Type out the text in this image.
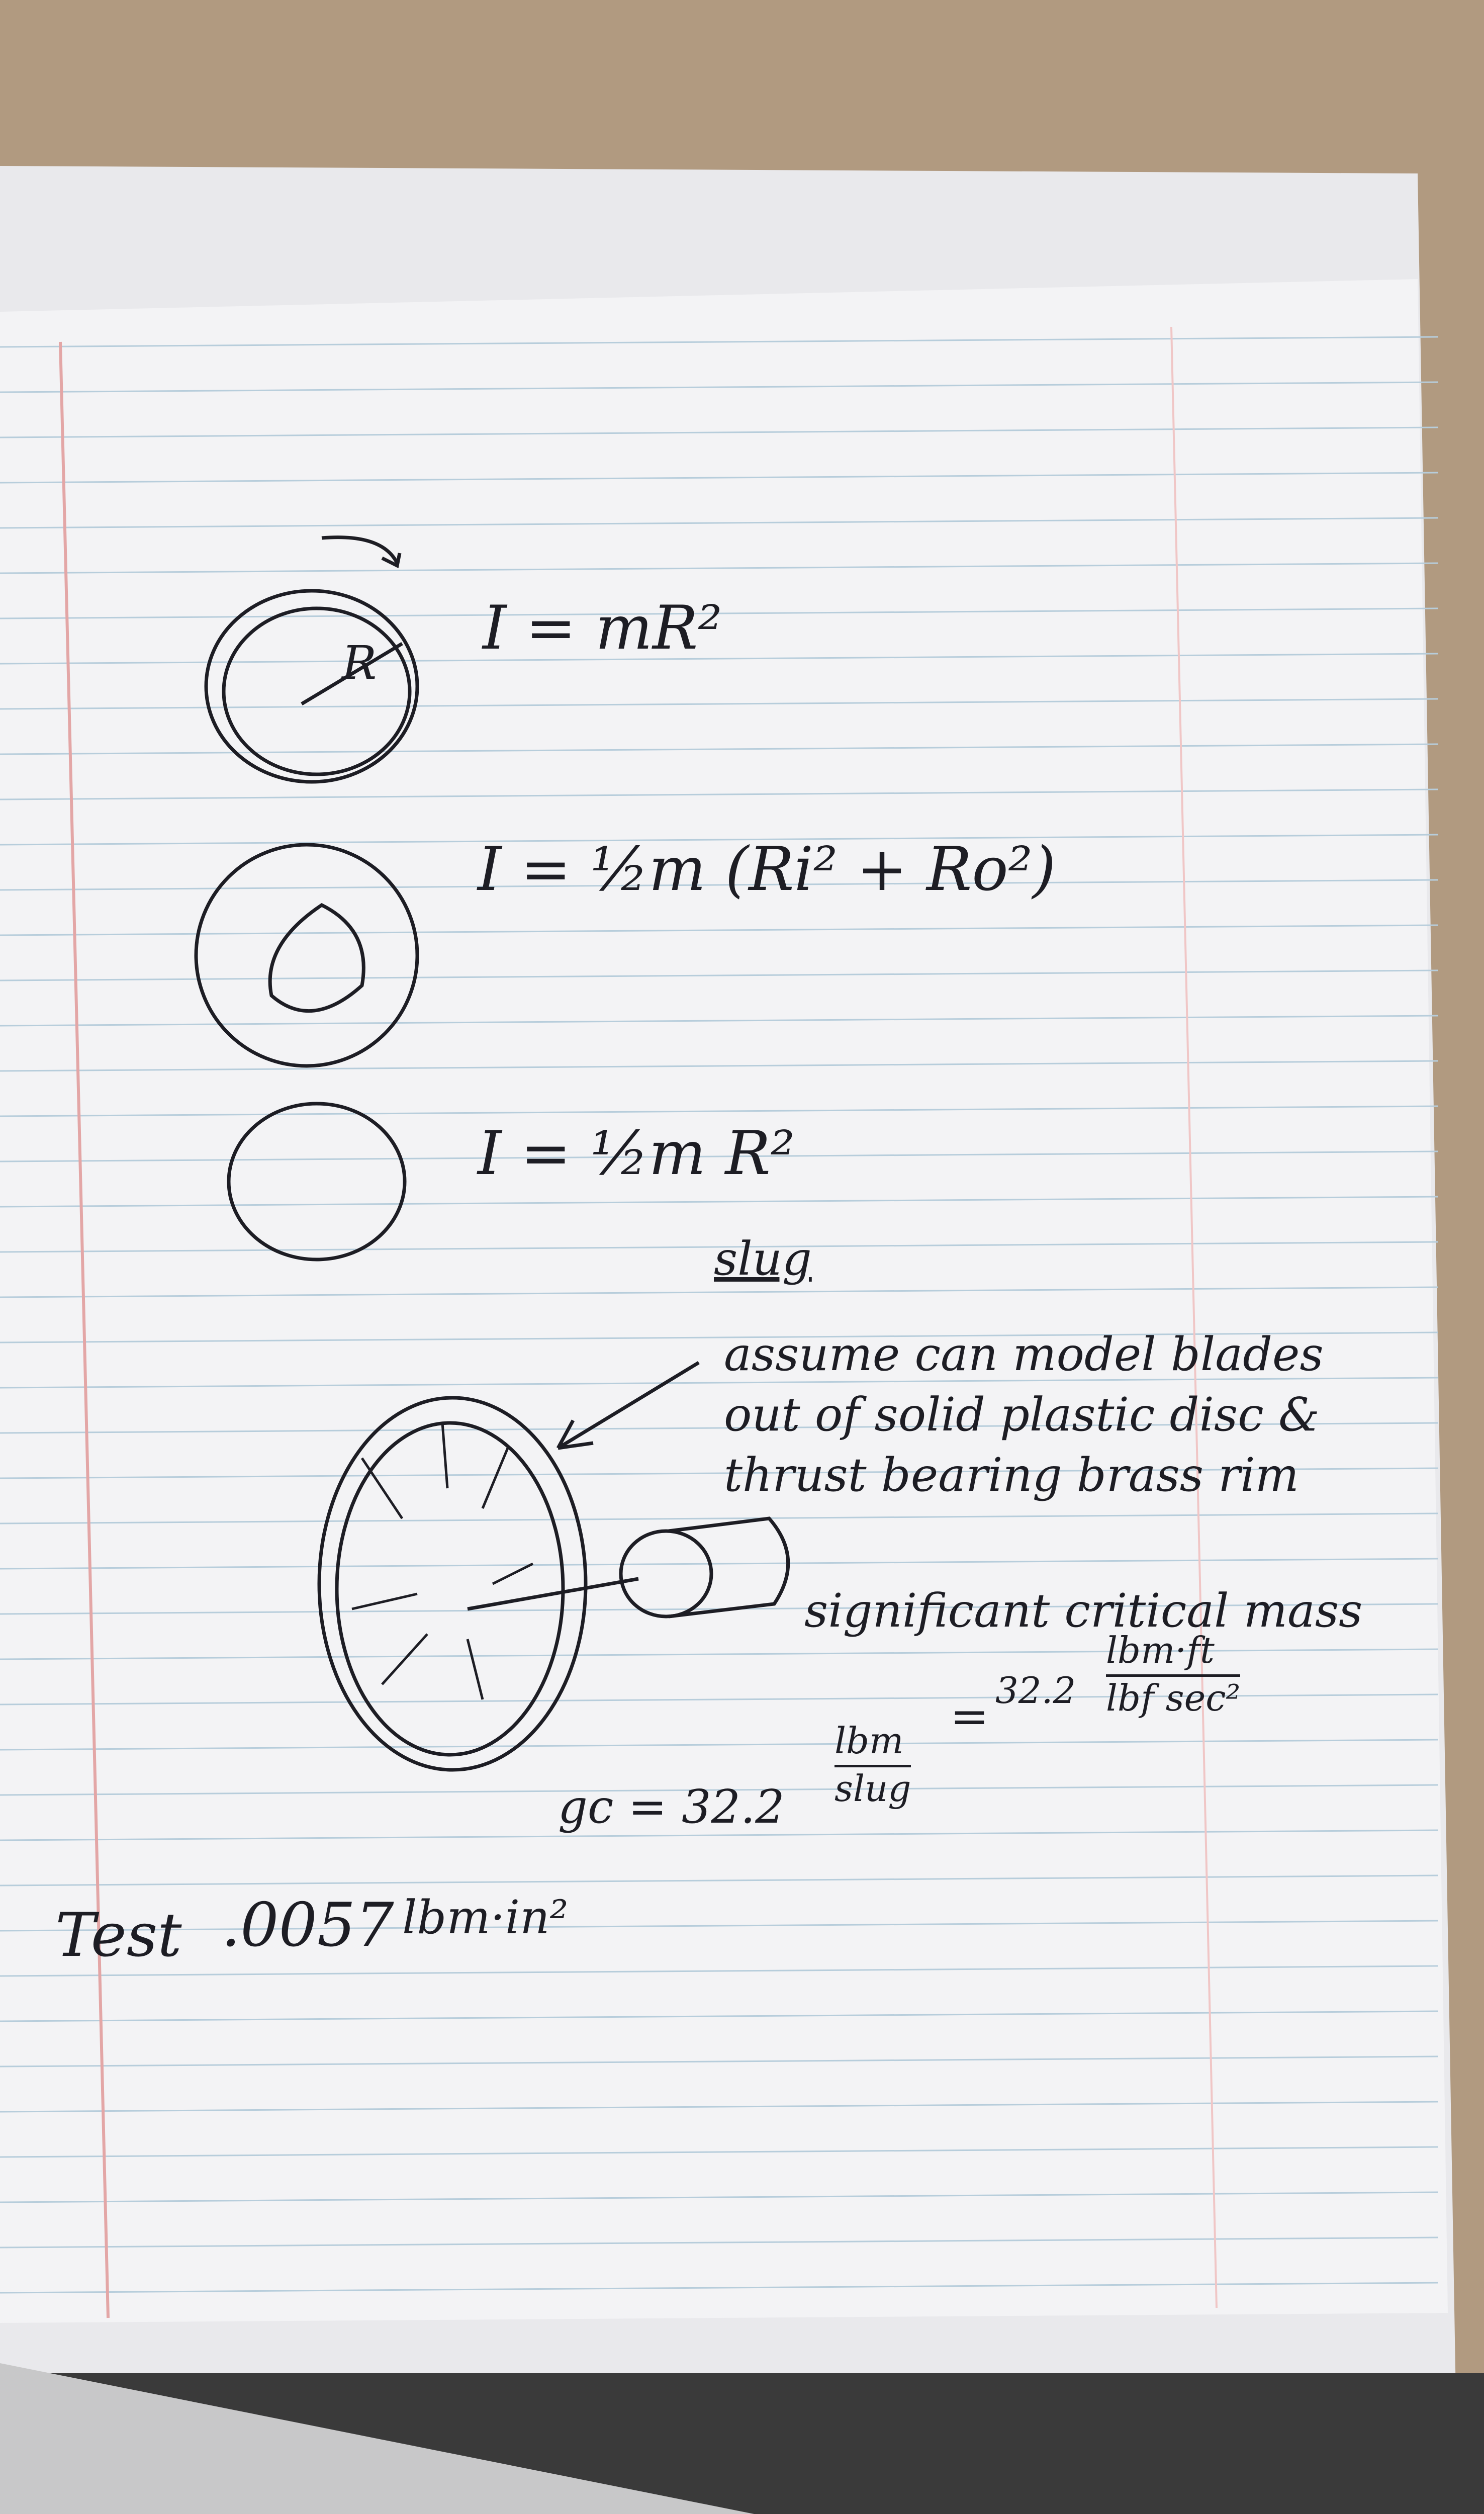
R I = mR²

I = ½m (Ri² + Ro²)

I = ½m R²

slug

assume can model blades

out of solid plastic disc &

thrust bearing brass rim

significant critical mass

gc = 32.2

lbm

slug

= 32.2

lbm·ft

lbf sec²

Test .0057 lbm·in²
